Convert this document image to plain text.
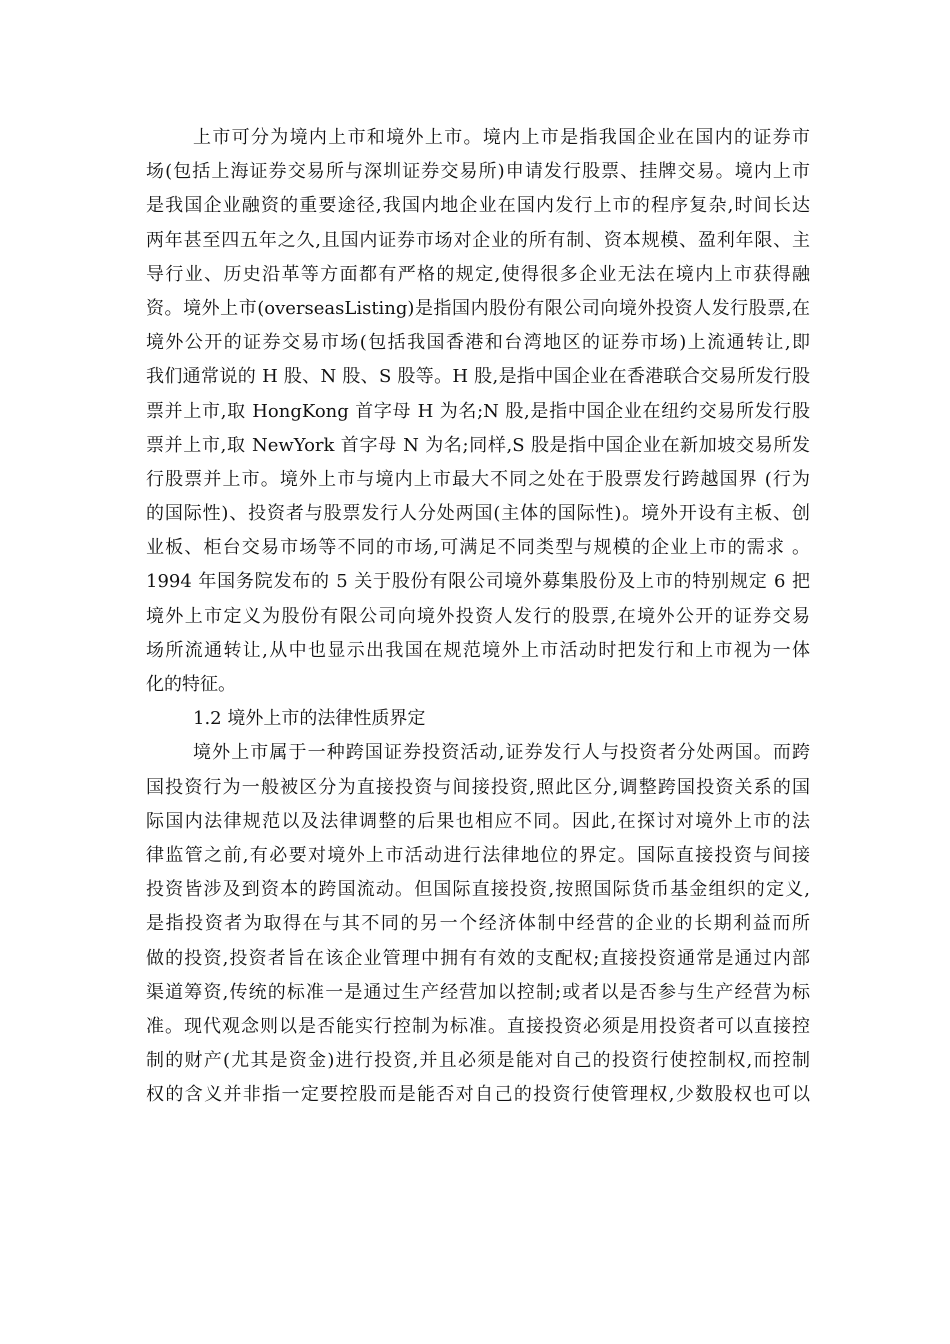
上市可分为境内上市和境外上市。境内上市是指我国企业在国内的证券市
场(包括上海证券交易所与深圳证券交易所)申请发行股票、挂牌交易。境内上市
是我国企业融资的重要途径,我国内地企业在国内发行上市的程序复杂,时间长达
两年甚至四五年之久,且国内证券市场对企业的所有制、资本规模、盈利年限、主
导行业、历史沿革等方面都有严格的规定,使得很多企业无法在境内上市获得融
资。境外上市(overseasListing)是指国内股份有限公司向境外投资人发行股票,在
境外公开的证券交易市场(包括我国香港和台湾地区的证券市场)上流通转让,即
我们通常说的 H 股、N 股、S 股等。H 股,是指中国企业在香港联合交易所发行股
票并上市,取 HongKong 首字母 H 为名;N 股,是指中国企业在纽约交易所发行股
票并上市,取 NewYork 首字母 N 为名;同样,S 股是指中国企业在新加坡交易所发
行股票并上市。境外上市与境内上市最大不同之处在于股票发行跨越国界 (行为
的国际性)、投资者与股票发行人分处两国(主体的国际性)。境外开设有主板、创
业板、柜台交易市场等不同的市场,可满足不同类型与规模的企业上市的需求 。
1994 年国务院发布的 5 关于股份有限公司境外募集股份及上市的特别规定 6 把
境外上市定义为股份有限公司向境外投资人发行的股票,在境外公开的证券交易
场所流通转让,从中也显示出我国在规范境外上市活动时把发行和上市视为一体
化的特征。
1.2 境外上市的法律性质界定
境外上市属于一种跨国证券投资活动,证券发行人与投资者分处两国。而跨
国投资行为一般被区分为直接投资与间接投资,照此区分,调整跨国投资关系的国
际国内法律规范以及法律调整的后果也相应不同。因此,在探讨对境外上市的法
律监管之前,有必要对境外上市活动进行法律地位的界定。国际直接投资与间接
投资皆涉及到资本的跨国流动。但国际直接投资,按照国际货币基金组织的定义,
是指投资者为取得在与其不同的另一个经济体制中经营的企业的长期利益而所
做的投资,投资者旨在该企业管理中拥有有效的支配权;直接投资通常是通过内部
渠道筹资,传统的标准一是通过生产经营加以控制;或者以是否参与生产经营为标
准。现代观念则以是否能实行控制为标准。直接投资必须是用投资者可以直接控
制的财产(尤其是资金)进行投资,并且必须是能对自己的投资行使控制权,而控制
权的含义并非指一定要控股而是能否对自己的投资行使管理权,少数股权也可以
